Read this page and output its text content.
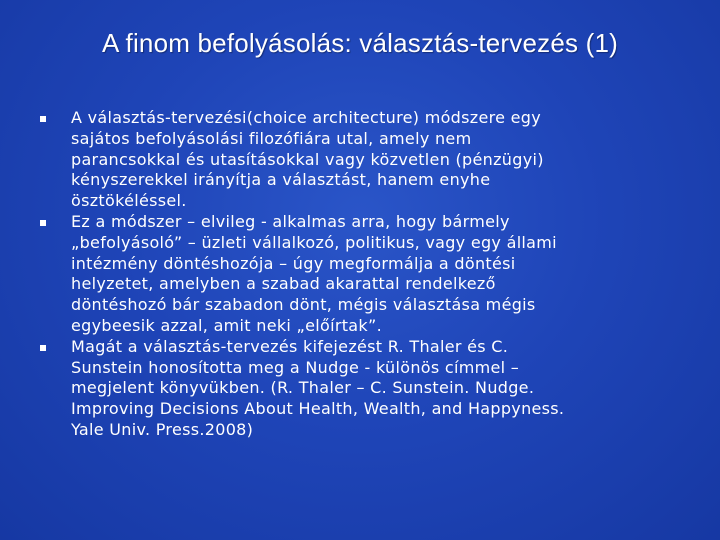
A finom befolyásolás: választás-tervezés (1)
A választás-tervezési(choice architecture) módszere egy
sajátos befolyásolási filozófiára utal, amely nem
parancsokkal és utasításokkal vagy közvetlen (pénzügyi)
kényszerekkel irányítja a választást, hanem enyhe
ösztökéléssel.
Ez a módszer – elvileg - alkalmas arra, hogy bármely
„befolyásoló” – üzleti vállalkozó, politikus, vagy egy állami
intézmény döntéshozója – úgy megformálja a döntési
helyzetet, amelyben a szabad akarattal rendelkező
döntéshozó bár szabadon dönt, mégis választása mégis
egybeesik azzal, amit neki „előírtak”.
Magát a választás-tervezés kifejezést R. Thaler és C.
Sunstein honosította meg a Nudge - különös címmel –
megjelent könyvükben. (R. Thaler – C. Sunstein. Nudge.
Improving Decisions About Health, Wealth, and Happyness.
Yale Univ. Press.2008)
